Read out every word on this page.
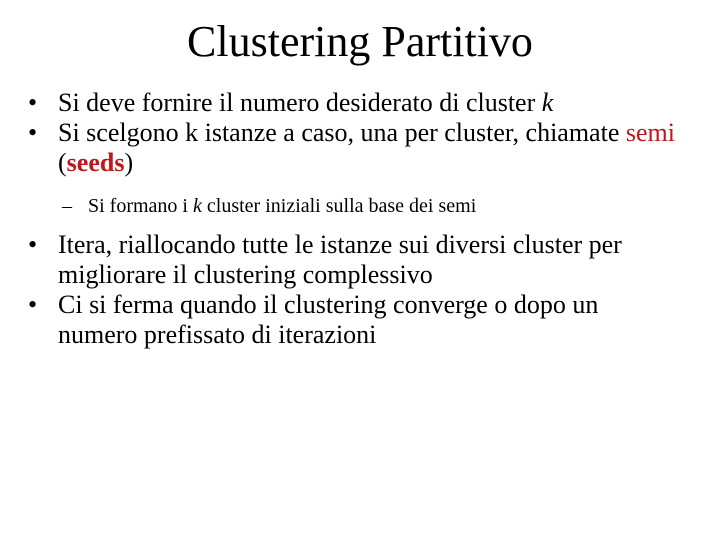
Clustering Partitivo
• Si deve fornire il numero desiderato di cluster k
• Si scelgono k istanze a caso, una per cluster, chiamate semi (seeds)
– Si formano i k cluster iniziali sulla base dei semi
• Itera, riallocando tutte le istanze sui diversi cluster per migliorare il clustering complessivo
• Ci si ferma quando il clustering converge o dopo un numero prefissato di iterazioni
